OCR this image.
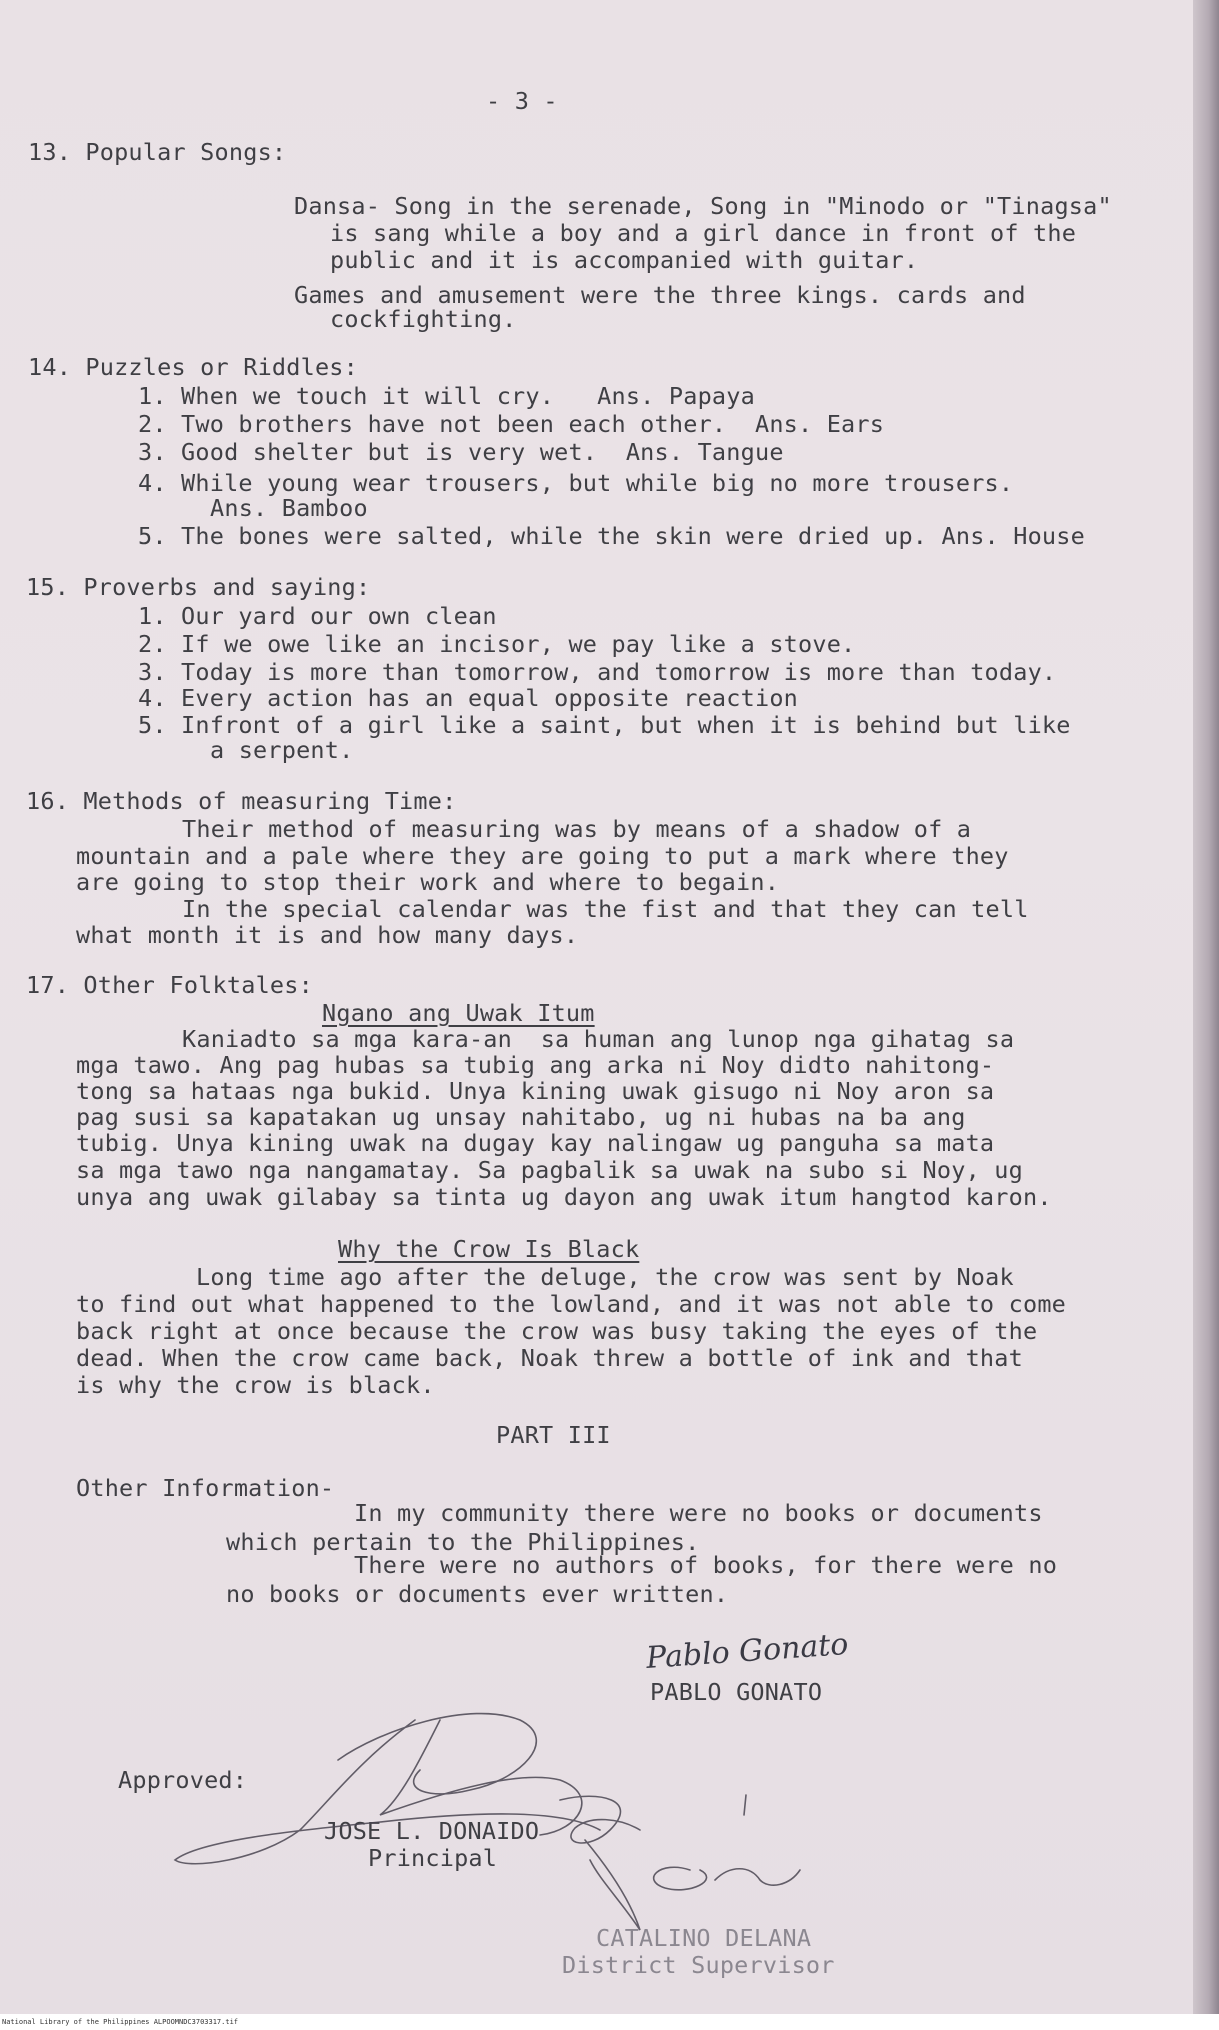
- 3 -
13. Popular Songs:
Dansa- Song in the serenade, Song in "Minodo or "Tinagsa"
is sang while a boy and a girl dance in front of the
public and it is accompanied with guitar.
Games and amusement were the three kings. cards and
cockfighting.
14. Puzzles or Riddles:
1. When we touch it will cry.   Ans. Papaya
2. Two brothers have not been each other.  Ans. Ears
3. Good shelter but is very wet.  Ans. Tangue
4. While young wear trousers, but while big no more trousers.
Ans. Bamboo
5. The bones were salted, while the skin were dried up. Ans. House
15. Proverbs and saying:
1. Our yard our own clean
2. If we owe like an incisor, we pay like a stove.
3. Today is more than tomorrow, and tomorrow is more than today.
4. Every action has an equal opposite reaction
5. Infront of a girl like a saint, but when it is behind but like
a serpent.
16. Methods of measuring Time:
Their method of measuring was by means of a shadow of a
mountain and a pale where they are going to put a mark where they
are going to stop their work and where to begain.
In the special calendar was the fist and that they can tell
what month it is and how many days.
17. Other Folktales:
Ngano ang Uwak Itum
Kaniadto sa mga kara-an  sa human ang lunop nga gihatag sa
mga tawo. Ang pag hubas sa tubig ang arka ni Noy didto nahitong-
tong sa hataas nga bukid. Unya kining uwak gisugo ni Noy aron sa
pag susi sa kapatakan ug unsay nahitabo, ug ni hubas na ba ang
tubig. Unya kining uwak na dugay kay nalingaw ug panguha sa mata
sa mga tawo nga nangamatay. Sa pagbalik sa uwak na subo si Noy, ug
unya ang uwak gilabay sa tinta ug dayon ang uwak itum hangtod karon.
Why the Crow Is Black
Long time ago after the deluge, the crow was sent by Noak
to find out what happened to the lowland, and it was not able to come
back right at once because the crow was busy taking the eyes of the
dead. When the crow came back, Noak threw a bottle of ink and that
is why the crow is black.
PART III
Other Information-
In my community there were no books or documents
which pertain to the Philippines.
There were no authors of books, for there were no
no books or documents ever written.
Pablo Gonato
PABLO GONATO
Approved:
JOSE L. DONAIDO
Principal
CATALINO DELANA
District Supervisor
National Library of the Philippines ALPOOMNDC3703317.tif
